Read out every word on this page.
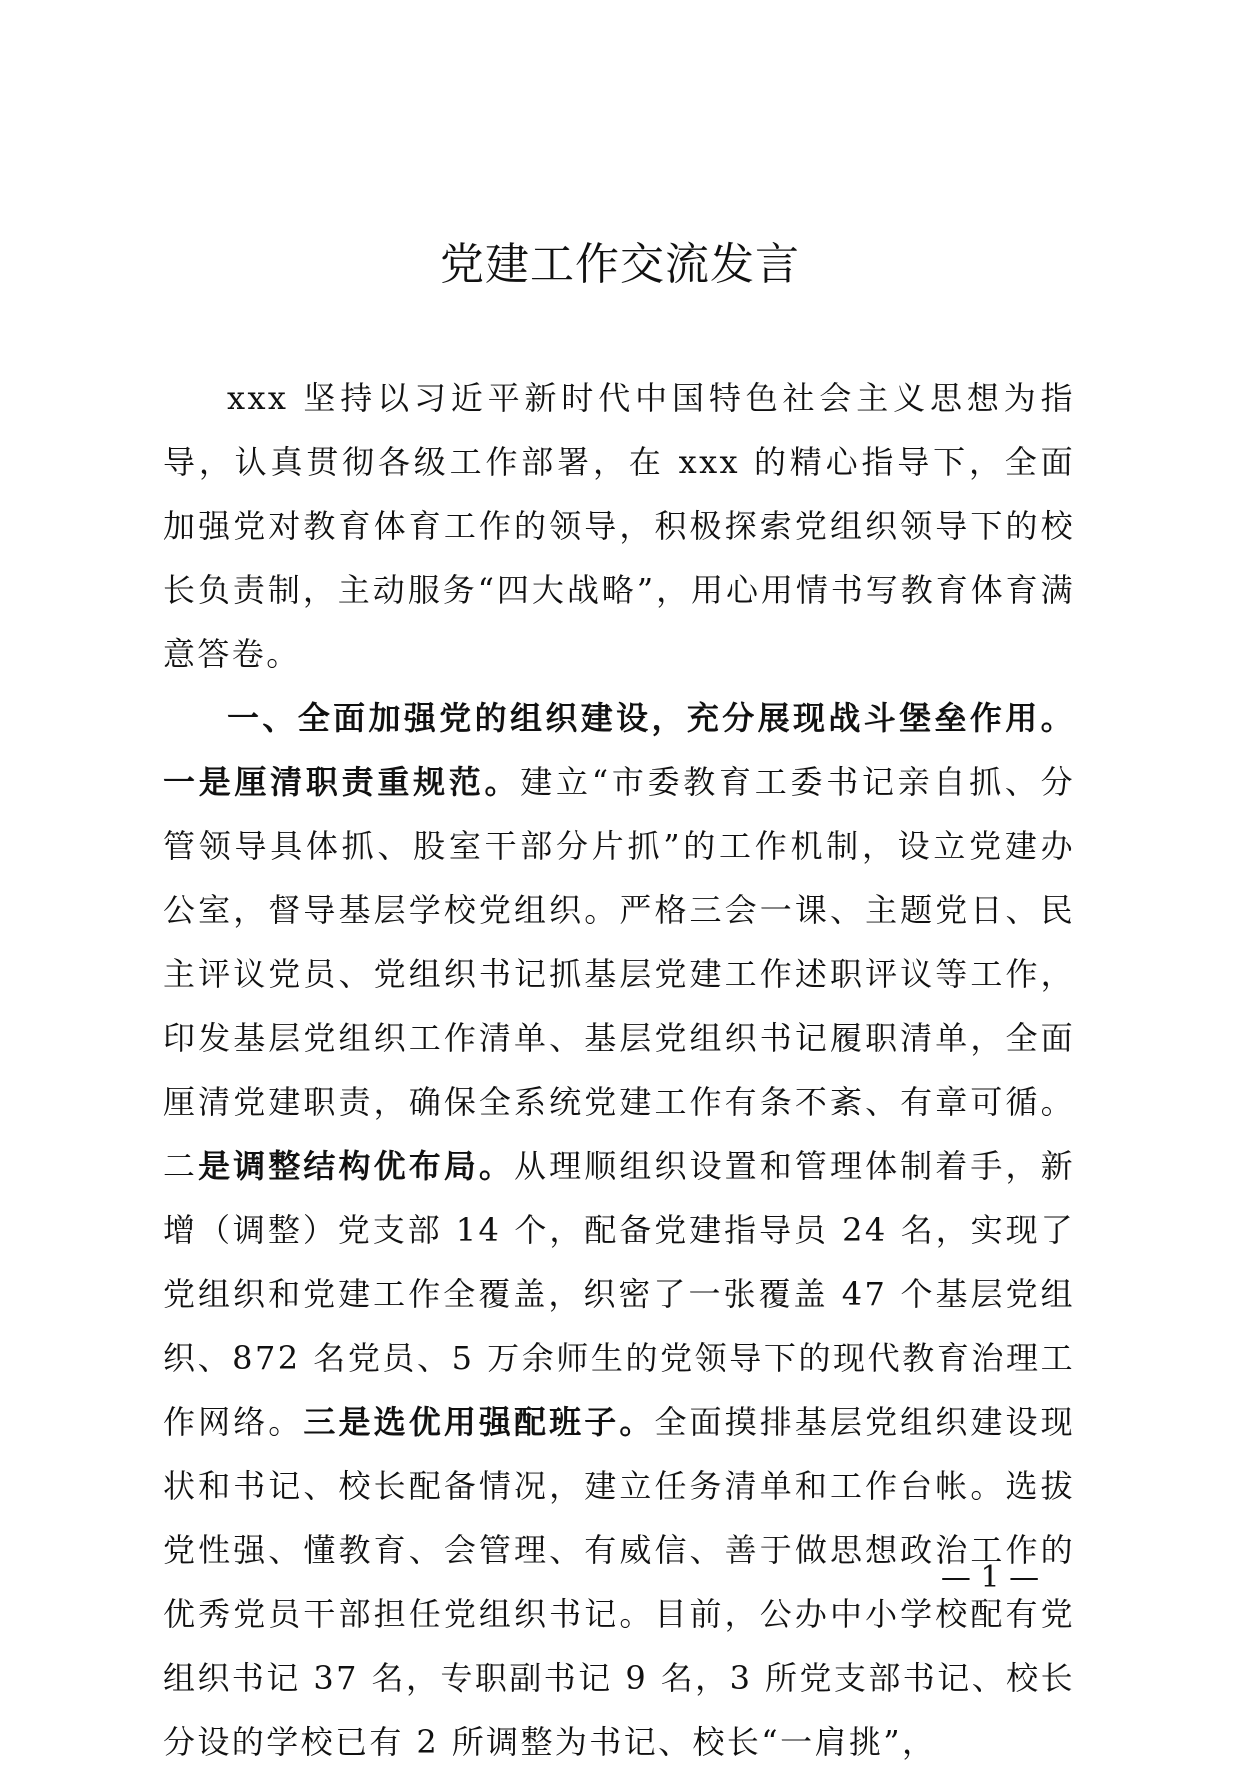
党建工作交流发言

xxx 坚持以习近平新时代中国特色社会主义思想为指导，认真贯彻各级工作部署，在 xxx 的精心指导下，全面加强党对教育体育工作的领导，积极探索党组织领导下的校长负责制，主动服务“四大战略”，用心用情书写教育体育满意答卷。

一、全面加强党的组织建设，充分展现战斗堡垒作用。一是厘清职责重规范。建立“市委教育工委书记亲自抓、分管领导具体抓、股室干部分片抓”的工作机制，设立党建办公室，督导基层学校党组织。严格三会一课、主题党日、民主评议党员、党组织书记抓基层党建工作述职评议等工作，印发基层党组织工作清单、基层党组织书记履职清单，全面厘清党建职责，确保全系统党建工作有条不紊、有章可循。二是调整结构优布局。从理顺组织设置和管理体制着手，新增（调整）党支部 14 个，配备党建指导员 24 名，实现了党组织和党建工作全覆盖，织密了一张覆盖 47 个基层党组织、872 名党员、5 万余师生的党领导下的现代教育治理工作网络。三是选优用强配班子。全面摸排基层党组织建设现状和书记、校长配备情况，建立任务清单和工作台帐。选拔党性强、懂教育、会管理、有威信、善于做思想政治工作的优秀党员干部担任党组织书记。目前，公办中小学校配有党组织书记 37 名，专职副书记 9 名，3 所党支部书记、校长分设的学校已有 2 所调整为书记、校长“一肩挑”，

— 1 —
